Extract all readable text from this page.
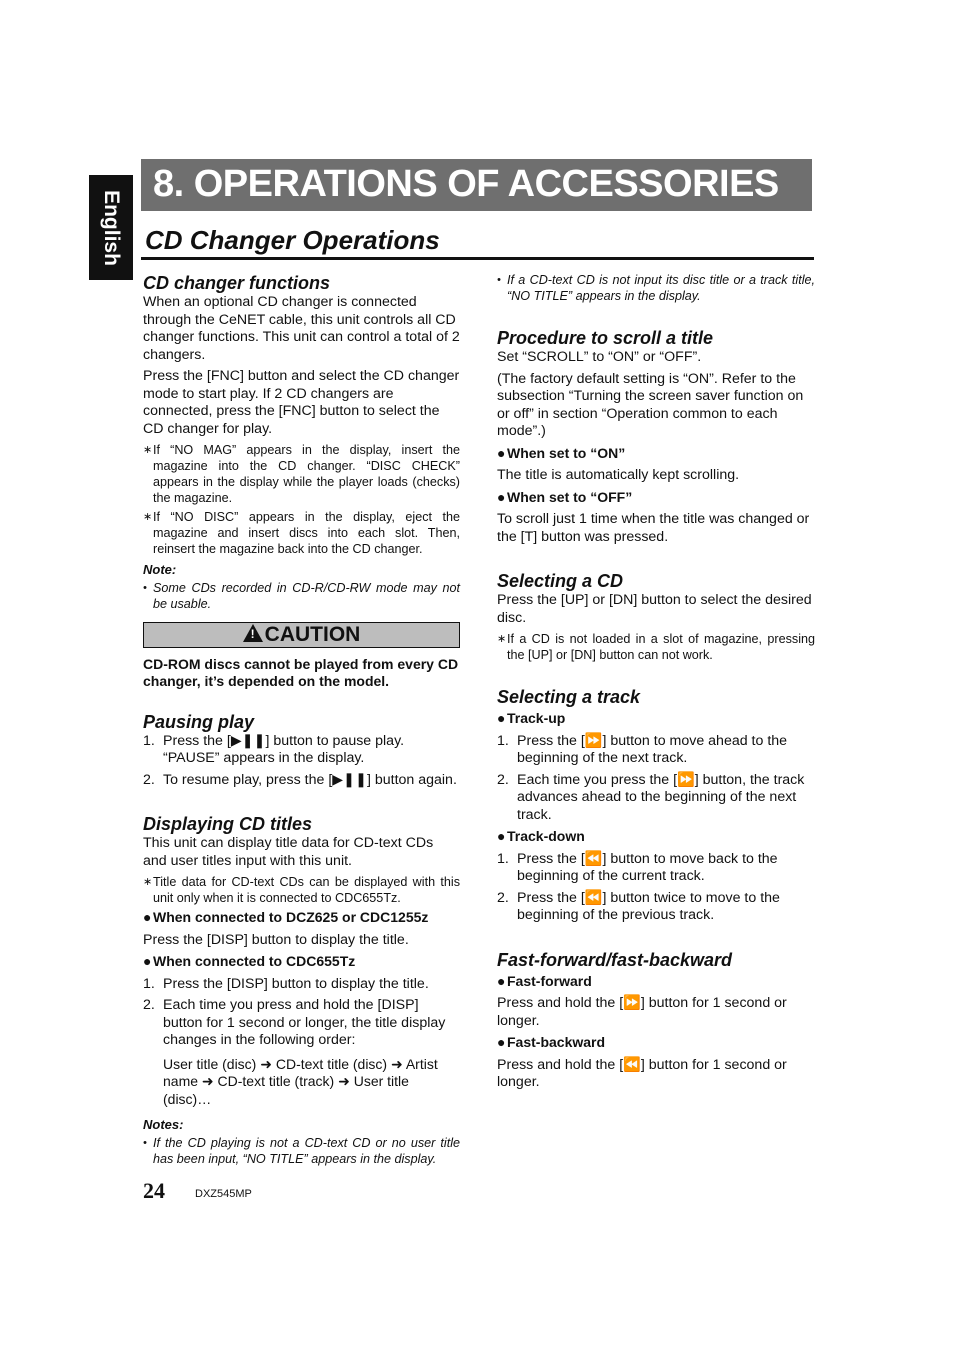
English
8. OPERATIONS OF ACCESSORIES
CD Changer Operations
CD changer functions

When an optional CD changer is connected through the CeNET cable, this unit controls all CD changer functions. This unit can control a total of 2 changers.

Press the [FNC] button and select the CD changer mode to start play. If 2 CD changers are connected, press the [FNC] button to select the CD changer for play.

∗ If “NO MAG” appears in the display, insert the magazine into the CD changer. “DISC CHECK” appears in the display while the player loads (checks) the magazine.
∗ If “NO DISC” appears in the display, eject the magazine and insert discs into each slot. Then, reinsert the magazine back into the CD changer.
Note:
• Some CDs recorded in CD-R/CD-RW mode may not be usable.
! CAUTION
CD-ROM discs cannot be played from every CD changer, it’s depended on the model.
Pausing play
1. Press the [▶❚❚] button to pause play. “PAUSE” appears in the display.
2. To resume play, press the [▶❚❚] button again.
Displaying CD titles

This unit can display title data for CD-text CDs and user titles input with this unit.

∗ Title data for CD-text CDs can be displayed with this unit only when it is connected to CDC655Tz.
● When connected to DCZ625 or CDC1255z

Press the [DISP] button to display the title.

● When connected to CDC655Tz
1. Press the [DISP] button to display the title.
2. Each time you press and hold the [DISP] button for 1 second or longer, the title display changes in the following order:
User title (disc) ➜ CD-text title (disc) ➜ Artist name ➜ CD-text title (track) ➜ User title (disc)…
Notes:
• If the CD playing is not a CD-text CD or no user title has been input, “NO TITLE” appears in the display.
• If a CD-text CD is not input its disc title or a track title, “NO TITLE” appears in the display.
Procedure to scroll a title

Set “SCROLL” to “ON” or “OFF”.

(The factory default setting is “ON”. Refer to the subsection “Turning the screen saver function on or off” in section “Operation common to each mode”.)

● When set to “ON”

The title is automatically kept scrolling.

● When set to “OFF”

To scroll just 1 time when the title was changed or the [T] button was pressed.

Selecting a CD

Press the [UP] or [DN] button to select the desired disc.

∗ If a CD is not loaded in a slot of magazine, pressing the [UP] or [DN] button can not work.
Selecting a track
● Track-up
1. Press the [⏩] button to move ahead to the beginning of the next track.
2. Each time you press the [⏩] button, the track advances ahead to the beginning of the next track.
● Track-down
1. Press the [⏪] button to move back to the beginning of the current track.
2. Press the [⏪] button twice to move to the beginning of the previous track.
Fast-forward/fast-backward
● Fast-forward

Press and hold the [⏩] button for 1 second or longer.

● Fast-backward

Press and hold the [⏪] button for 1 second or longer.

24	DXZ545MP
